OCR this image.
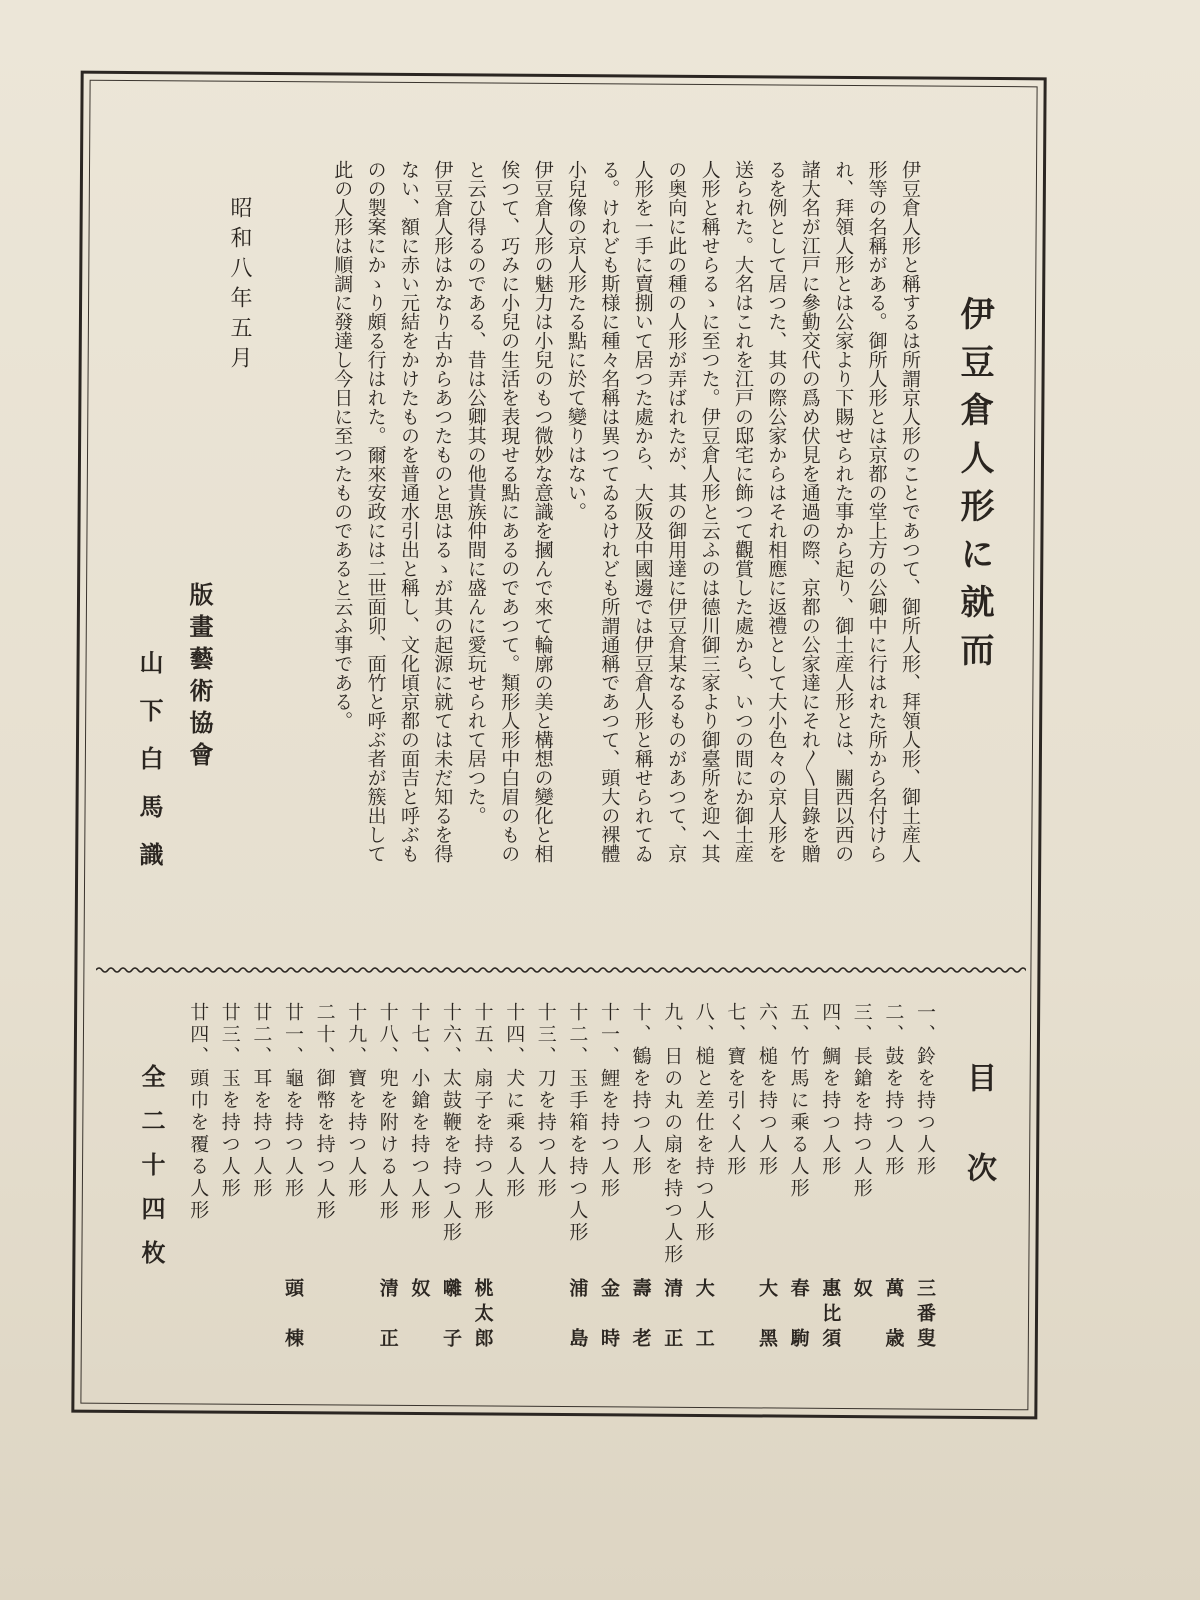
伊豆倉人形に就而
伊豆倉人形と稱するは所謂京人形のことであつて、御所人形、拜領人形、御土産人
形等の名稱がある。御所人形とは京都の堂上方の公卿中に行はれた所から名付けら
れ、拜領人形とは公家より下賜せられた事から起り、御土産人形とは、關西以西の
諸大名が江戸に參勤交代の爲め伏見を通過の際、京都の公家達にそれ〳〵目錄を贈
るを例として居つた、其の際公家からはそれ相應に返禮として大小色々の京人形を
送られた。大名はこれを江戸の邸宅に飾つて觀賞した處から、いつの間にか御土産
人形と稱せらるゝに至つた。伊豆倉人形と云ふのは德川御三家より御臺所を迎へ其
の奥向に此の種の人形が弄ばれたが、其の御用達に伊豆倉某なるものがあつて、京
人形を一手に賣捌いて居つた處から、大阪及中國邊では伊豆倉人形と稱せられてゐ
る。けれども斯様に種々名稱は異つてゐるけれども所謂通稱であつて、頭大の裸體
小兒像の京人形たる點に於て變りはない。
伊豆倉人形の魅力は小兒のもつ微妙な意識を摑んで來て輪廓の美と構想の變化と相
俟つて、巧みに小兒の生活を表現せる點にあるのであつて。類形人形中白眉のもの
と云ひ得るのである、昔は公卿其の他貴族仲間に盛んに愛玩せられて居つた。
伊豆倉人形はかなり古からあつたものと思はるゝが其の起源に就ては未だ知るを得
ない、額に赤い元結をかけたものを普通水引出と稱し、文化頃京都の面吉と呼ぶも
のの製案にかゝり頗る行はれた。爾來安政には二世面卯、面竹と呼ぶ者が簇出して
此の人形は順調に發達し今日に至つたものであると云ふ事である。
昭和八年五月
版畫藝術協會
山下白馬識
目次
一、鈴を持つ人形
三番叟
二、鼓を持つ人形
萬　歳
三、長鎗を持つ人形
奴
四、鯛を持つ人形
惠比須
五、竹馬に乘る人形
春　駒
六、槌を持つ人形
大　黑
七、寶を引く人形
八、槌と差仕を持つ人形
大　工
九、日の丸の扇を持つ人形
清　正
十、鶴を持つ人形
壽　老
十一、鯉を持つ人形
金　時
十二、玉手箱を持つ人形
浦　島
十三、刀を持つ人形
十四、犬に乘る人形
十五、扇子を持つ人形
桃太郎
十六、太鼓鞭を持つ人形
囃　子
十七、小鎗を持つ人形
奴
十八、兜を附ける人形
清　正
十九、寶を持つ人形
二十、御幣を持つ人形
廿一、龜を持つ人形
頭　棟
廿二、耳を持つ人形
廿三、玉を持つ人形
廿四、頭巾を覆る人形
全二十四枚
